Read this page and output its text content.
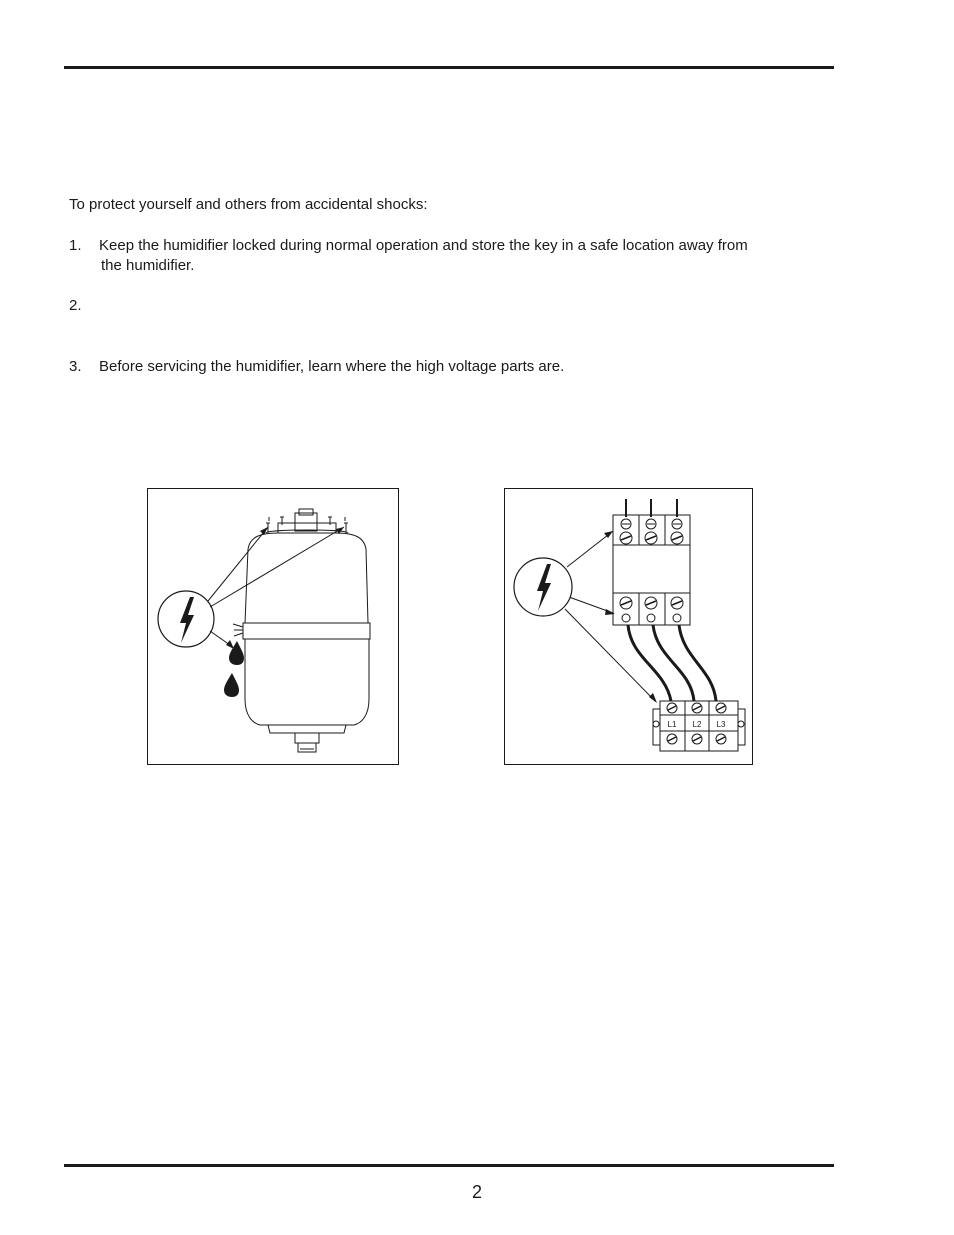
To protect yourself and others from accidental shocks:
1. Keep the humidifier locked during normal operation and store the key in a safe location away from
the humidifier.
2.
3. Before servicing the humidifier, learn where the high voltage parts are.
L1 L2 L3
2
